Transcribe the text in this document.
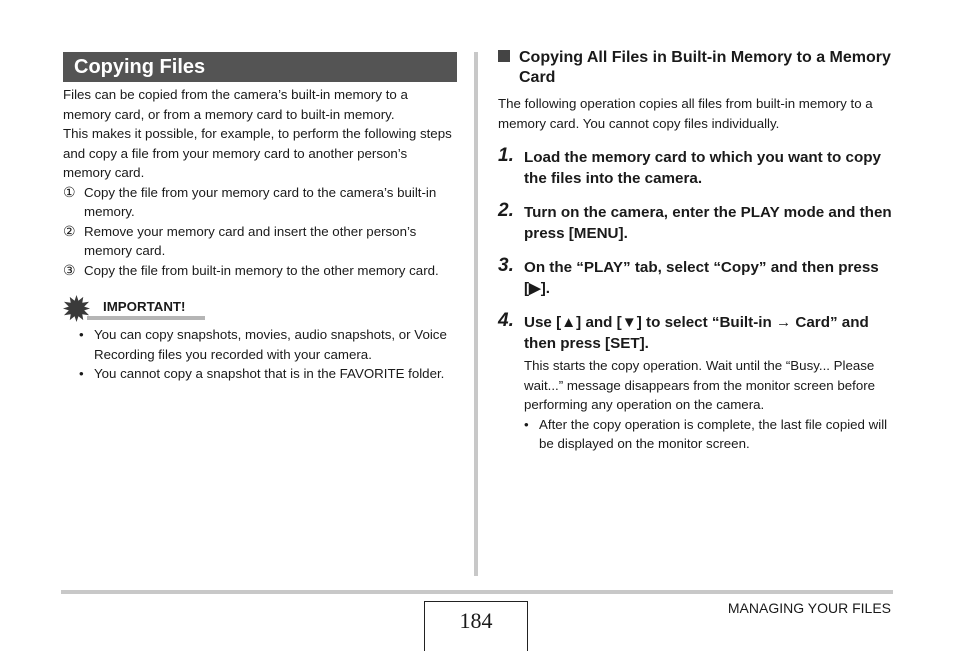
Copying Files

Files can be copied from the camera’s built-in memory to a memory card, or from a memory card to built-in memory.

This makes it possible, for example, to perform the following steps and copy a file from your memory card to another person’s memory card.

① Copy the file from your memory card to the camera’s built-in memory.
② Remove your memory card and insert the other person’s memory card.
③ Copy the file from built-in memory to the other memory card.
IMPORTANT!
• You can copy snapshots, movies, audio snapshots, or Voice Recording files you recorded with your camera.
• You cannot copy a snapshot that is in the FAVORITE folder.
Copying All Files in Built-in Memory to a Memory Card

The following operation copies all files from built-in memory to a memory card. You cannot copy files individually.

1. Load the memory card to which you want to copy the files into the camera.
2. Turn on the camera, enter the PLAY mode and then press [MENU].
3. On the “PLAY” tab, select “Copy” and then press [▶].
4. Use [▲] and [▼] to select “Built-in → Card” and then press [SET].
This starts the copy operation. Wait until the “Busy... Please wait...” message disappears from the monitor screen before performing any operation on the camera.
• After the copy operation is complete, the last file copied will be displayed on the monitor screen.
184	MANAGING YOUR FILES
